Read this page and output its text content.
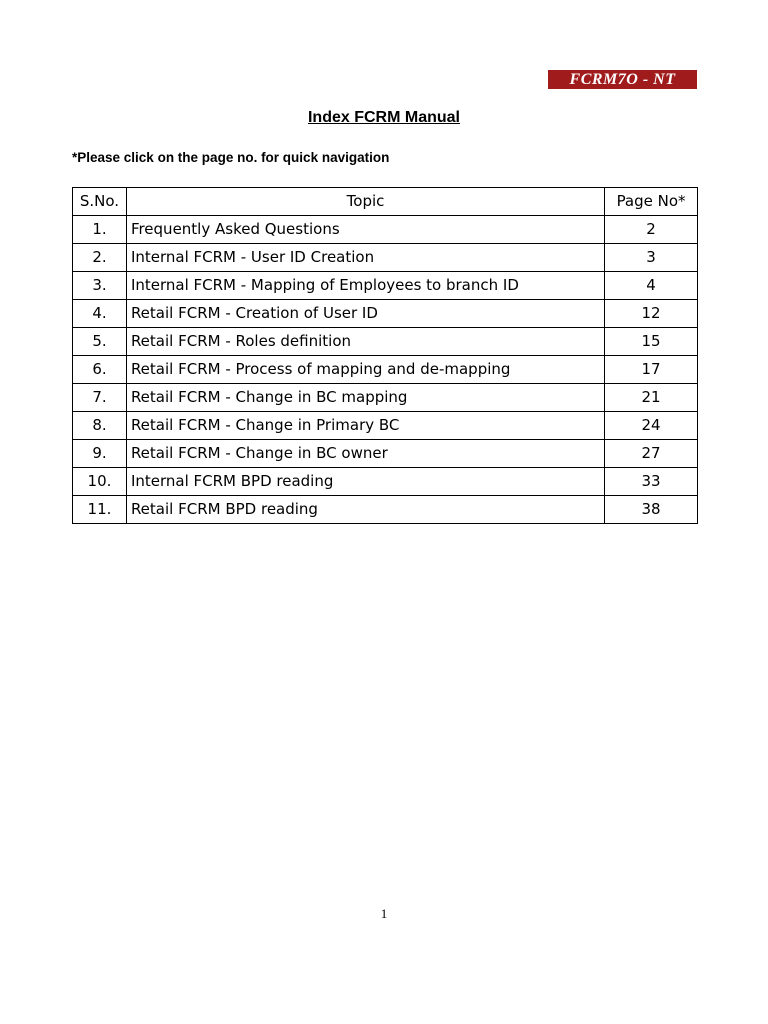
FCRM7O - NT
Index FCRM Manual
*Please click on the page no. for quick navigation
S.No.	Topic	Page No*
1.	Frequently Asked Questions	2
2.	Internal FCRM - User ID Creation	3
3.	Internal FCRM - Mapping of Employees to branch ID	4
4.	Retail FCRM - Creation of User ID	12
5.	Retail FCRM - Roles definition	15
6.	Retail FCRM - Process of mapping and de-mapping	17
7.	Retail FCRM - Change in BC mapping	21
8.	Retail FCRM - Change in Primary BC	24
9.	Retail FCRM - Change in BC owner	27
10.	Internal FCRM BPD reading	33
11.	Retail FCRM BPD reading	38
1
